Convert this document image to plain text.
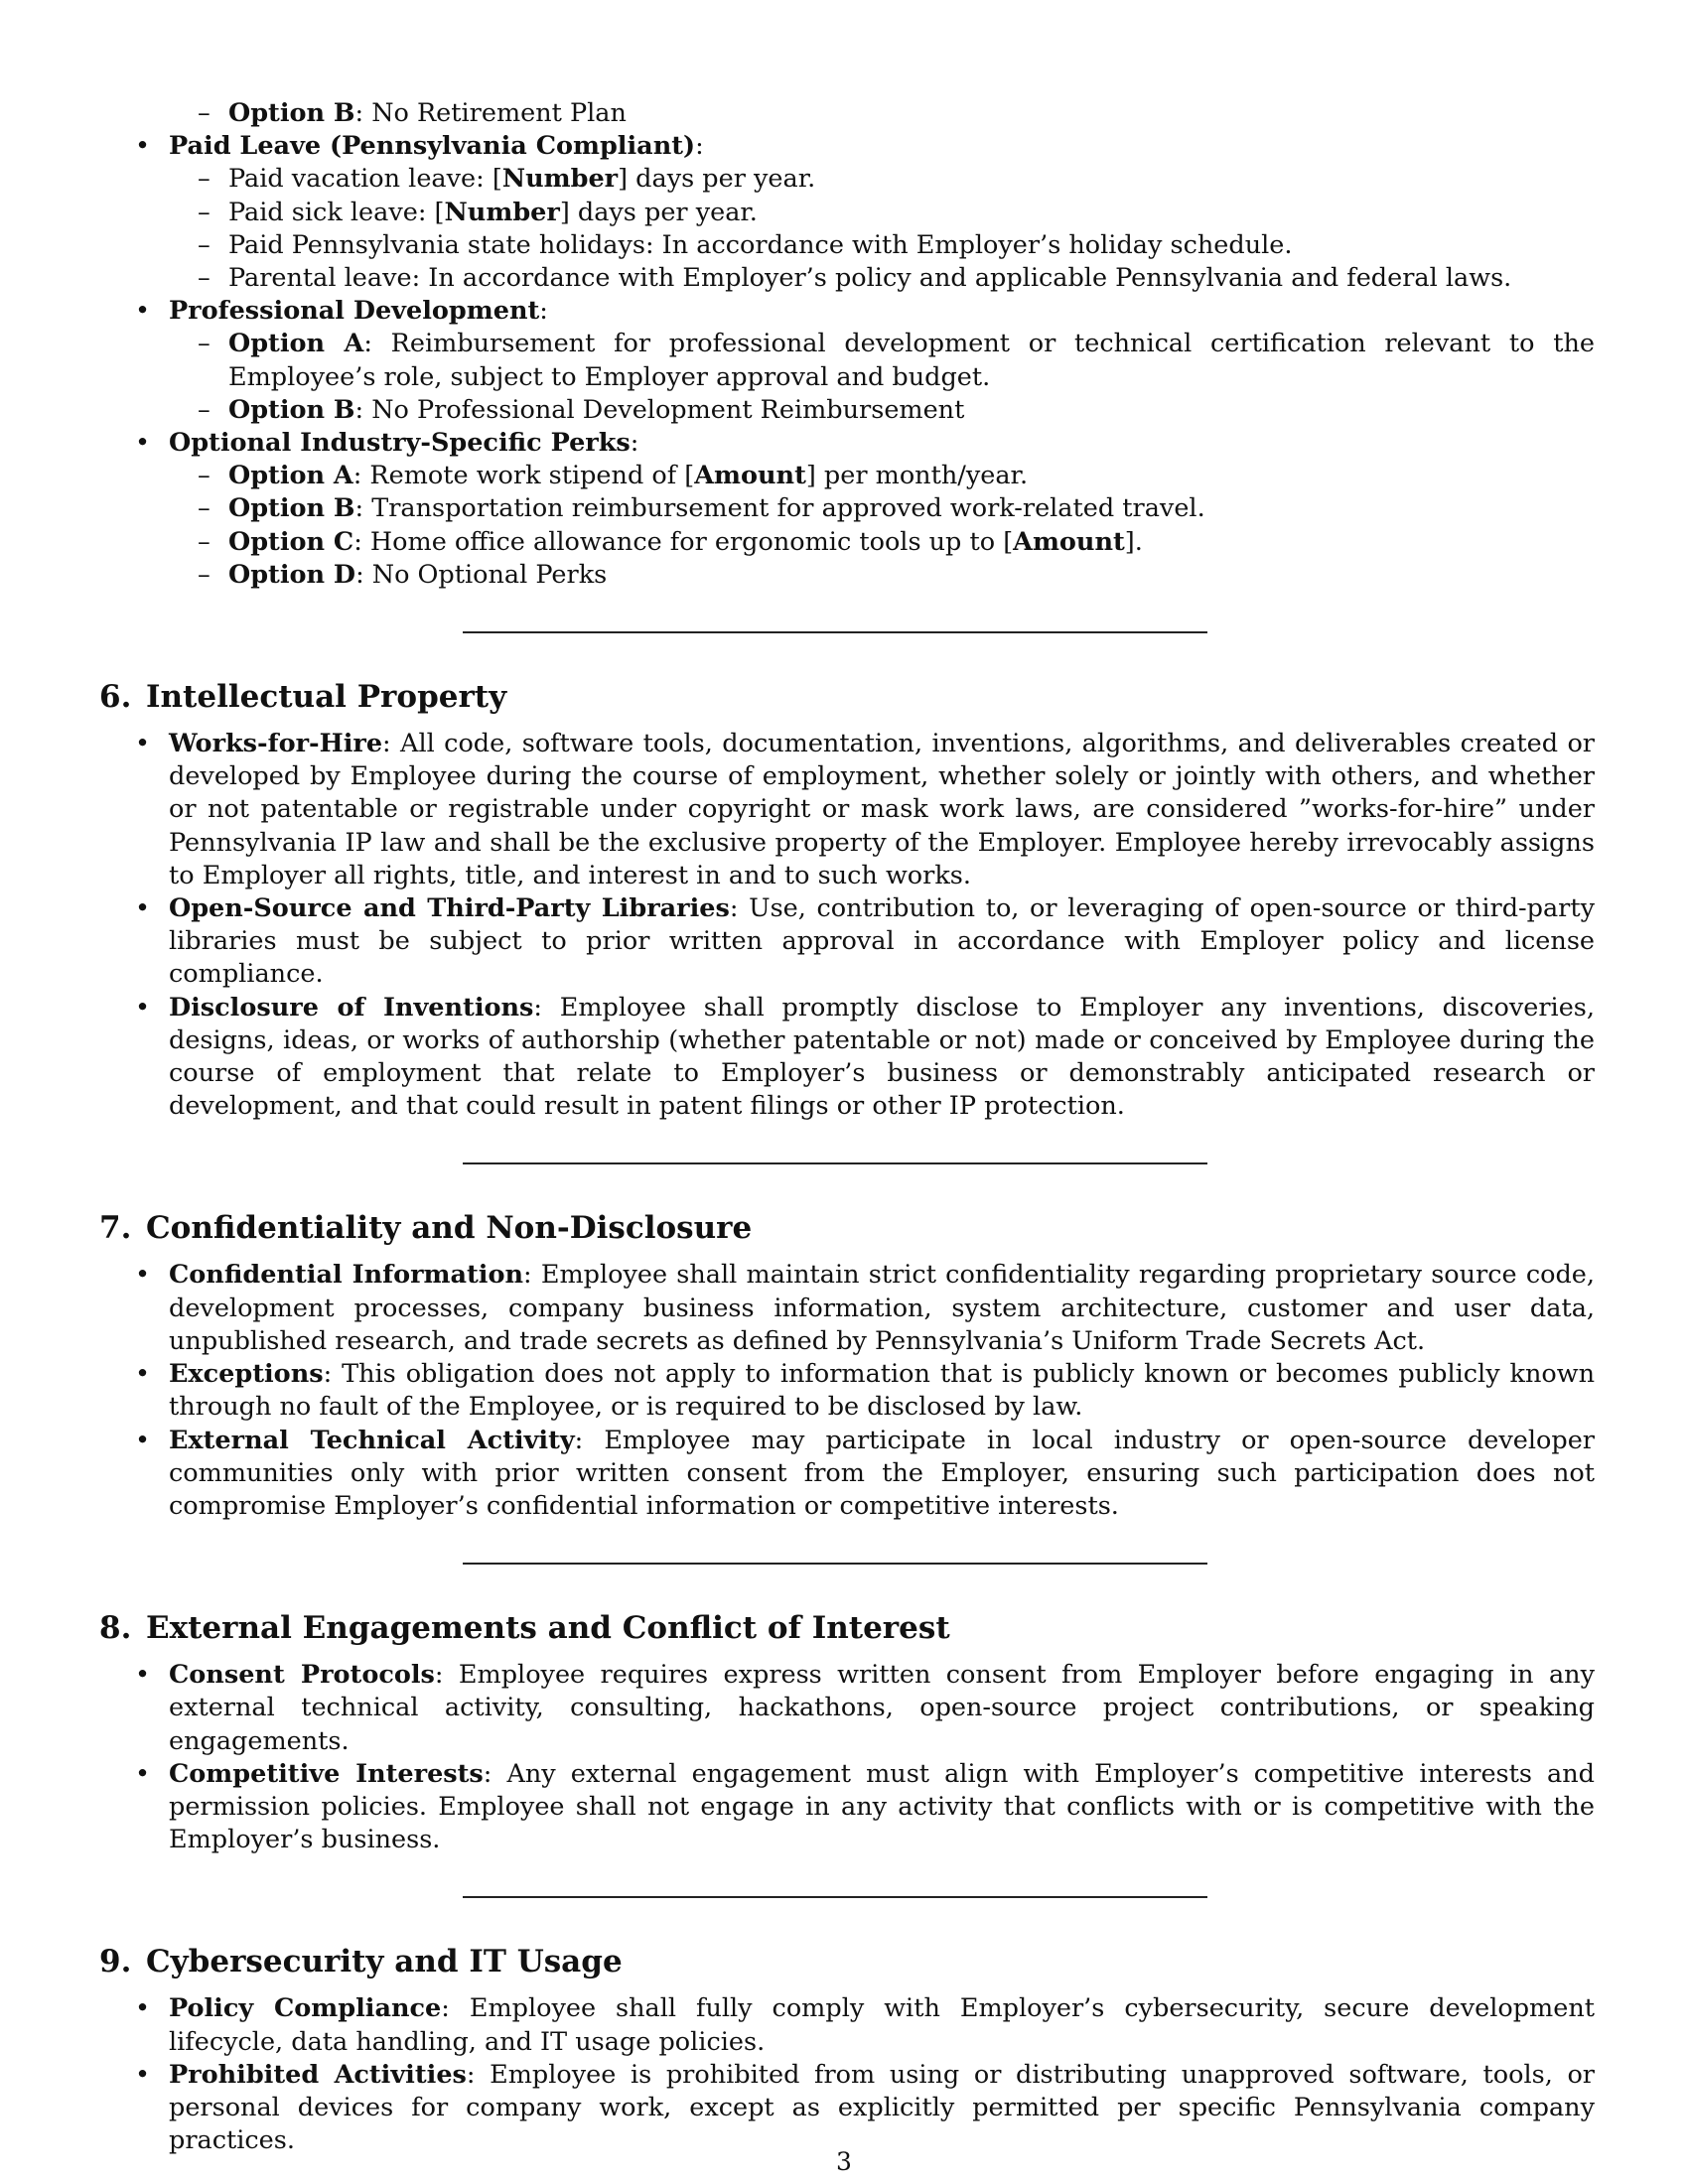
– Option B: No Retirement Plan
• Paid Leave (Pennsylvania Compliant):
– Paid vacation leave: [Number] days per year.
– Paid sick leave: [Number] days per year.
– Paid Pennsylvania state holidays: In accordance with Employer’s holiday schedule.
– Parental leave: In accordance with Employer’s policy and applicable Pennsylvania and federal laws.
• Professional Development:
– Option A: Reimbursement for professional development or technical certification relevant to the Employee’s role, subject to Employer approval and budget.
– Option B: No Professional Development Reimbursement
• Optional Industry-Specific Perks:
– Option A: Remote work stipend of [Amount] per month/year.
– Option B: Transportation reimbursement for approved work-related travel.
– Option C: Home office allowance for ergonomic tools up to [Amount].
– Option D: No Optional Perks
6. Intellectual Property
• Works-for-Hire: All code, software tools, documentation, inventions, algorithms, and deliverables created or developed by Employee during the course of employment, whether solely or jointly with others, and whether or not patentable or registrable under copyright or mask work laws, are considered ”works-for-hire” under Pennsylvania IP law and shall be the exclusive property of the Employer. Employee hereby irrevocably assigns to Employer all rights, title, and interest in and to such works.
• Open-Source and Third-Party Libraries: Use, contribution to, or leveraging of open-source or third-party libraries must be subject to prior written approval in accordance with Employer policy and license compliance.
• Disclosure of Inventions: Employee shall promptly disclose to Employer any inventions, discoveries, designs, ideas, or works of authorship (whether patentable or not) made or conceived by Employee during the course of employment that relate to Employer’s business or demonstrably anticipated research or development, and that could result in patent filings or other IP protection.
7. Confidentiality and Non-Disclosure
• Confidential Information: Employee shall maintain strict confidentiality regarding proprietary source code, development processes, company business information, system architecture, customer and user data, unpublished research, and trade secrets as defined by Pennsylvania’s Uniform Trade Secrets Act.
• Exceptions: This obligation does not apply to information that is publicly known or becomes publicly known through no fault of the Employee, or is required to be disclosed by law.
• External Technical Activity: Employee may participate in local industry or open-source developer communities only with prior written consent from the Employer, ensuring such participation does not compromise Employer’s confidential information or competitive interests.
8. External Engagements and Conflict of Interest
• Consent Protocols: Employee requires express written consent from Employer before engaging in any external technical activity, consulting, hackathons, open-source project contributions, or speaking engagements.
• Competitive Interests: Any external engagement must align with Employer’s competitive interests and permission policies. Employee shall not engage in any activity that conflicts with or is competitive with the Employer’s business.
9. Cybersecurity and IT Usage
• Policy Compliance: Employee shall fully comply with Employer’s cybersecurity, secure development lifecycle, data handling, and IT usage policies.
• Prohibited Activities: Employee is prohibited from using or distributing unapproved software, tools, or personal devices for company work, except as explicitly permitted per specific Pennsylvania company practices.
3
